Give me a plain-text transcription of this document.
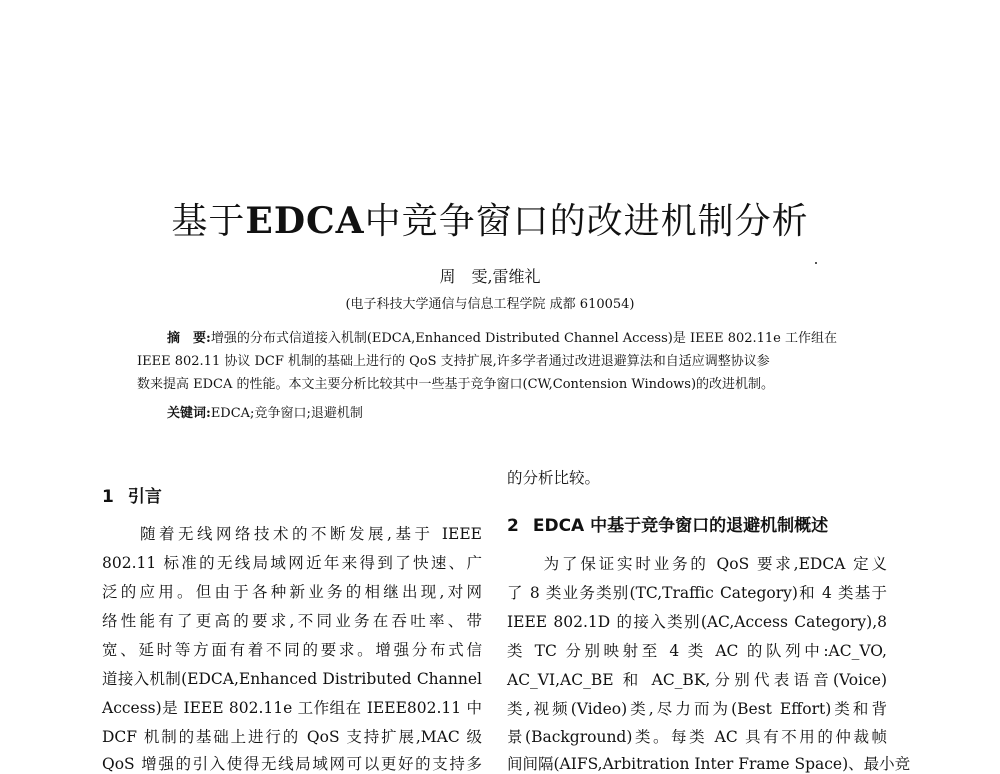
基于EDCA中竞争窗口的改进机制分析
周　雯,雷维礼
(电子科技大学通信与信息工程学院 成都 610054)
摘　要:增强的分布式信道接入机制(EDCA,Enhanced Distributed Channel Access)是 IEEE 802.11e 工作组在
IEEE 802.11 协议 DCF 机制的基础上进行的 QoS 支持扩展,许多学者通过改进退避算法和自适应调整协议参
数来提高 EDCA 的性能。本文主要分析比较其中一些基于竞争窗口(CW,Contension Windows)的改进机制。
关键词:EDCA;竞争窗口;退避机制
1 引言
　　随着无线网络技术的不断发展,基于 IEEE
802.11 标准的无线局域网近年来得到了快速、广
泛的应用。但由于各种新业务的相继出现,对网
络性能有了更高的要求,不同业务在吞吐率、带
宽、延时等方面有着不同的要求。增强分布式信
道接入机制(EDCA,Enhanced Distributed Channel
Access)是 IEEE 802.11e 工作组在 IEEE802.11 中
DCF 机制的基础上进行的 QoS 支持扩展,MAC 级
QoS 增强的引入使得无线局域网可以更好的支持多
的分析比较。
2 EDCA 中基于竞争窗口的退避机制概述
　　为了保证实时业务的 QoS 要求,EDCA 定义
了 8 类业务类别(TC,Traffic Category)和 4 类基于
IEEE 802.1D 的接入类别(AC,Access Category),8
类 TC 分别映射至 4 类 AC 的队列中:AC_VO,
AC_VI,AC_BE 和 AC_BK,分别代表语音(Voice)
类,视频(Video)类,尽力而为(Best Effort)类和背
景(Background)类。每类 AC 具有不用的仲裁帧
间间隔(AIFS,Arbitration Inter Frame Space)、最小竞
